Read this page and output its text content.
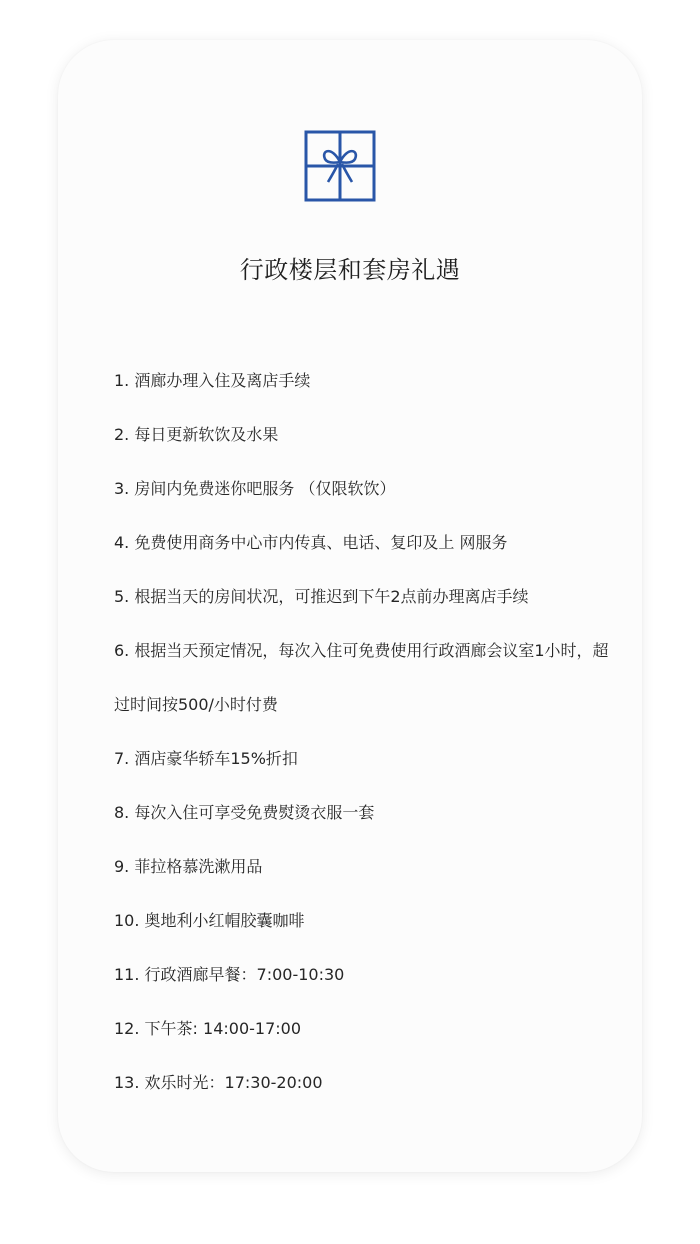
行政楼层和套房礼遇
1. 酒廊办理入住及离店手续
2. 每日更新软饮及水果
3. 房间内免费迷你吧服务 （仅限软饮）
4. 免费使用商务中心市内传真、电话、复印及上 网服务
5. 根据当天的房间状况，可推迟到下午2点前办理离店手续
6. 根据当天预定情况，每次入住可免费使用行政酒廊会议室1小时，超过时间按500/小时付费
7. 酒店豪华轿车15%折扣
8. 每次入住可享受免费熨烫衣服一套
9. 菲拉格慕洗漱用品
10. 奥地利小红帽胶囊咖啡
11. 行政酒廊早餐：7:00-10:30
12. 下午茶: 14:00-17:00
13. 欢乐时光：17:30-20:00
